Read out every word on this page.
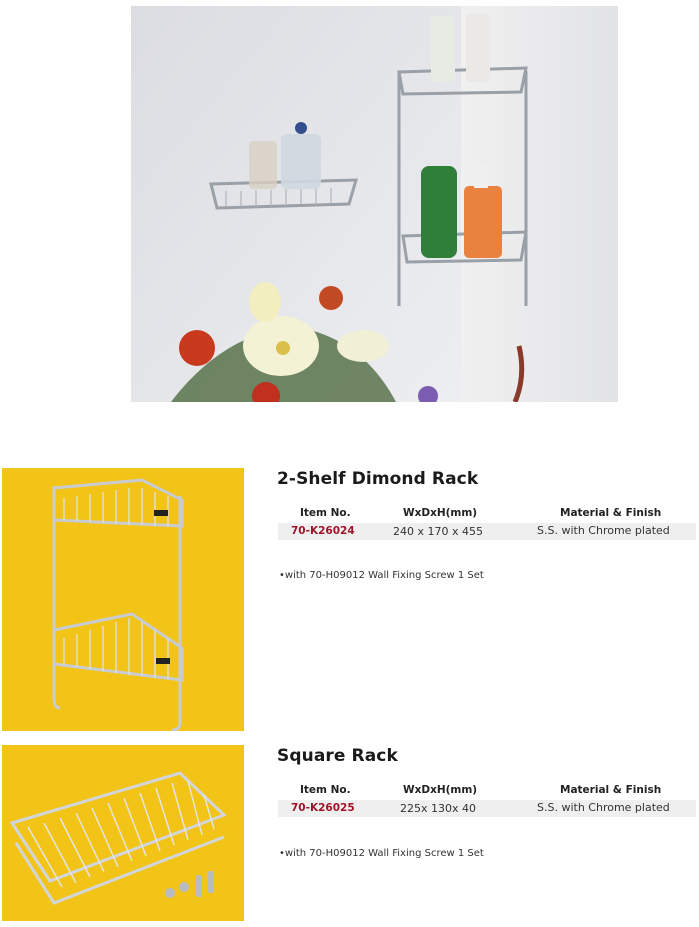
2-Shelf Dimond Rack
Item No.	WxDxH(mm)	Material & Finish
70-K26024	240 x 170 x 455	S.S. with Chrome plated
•with 70-H09012 Wall Fixing Screw 1 Set
Square Rack
Item No.	WxDxH(mm)	Material & Finish
70-K26025	225x 130x 40	S.S. with Chrome plated
•with 70-H09012 Wall Fixing Screw 1 Set
